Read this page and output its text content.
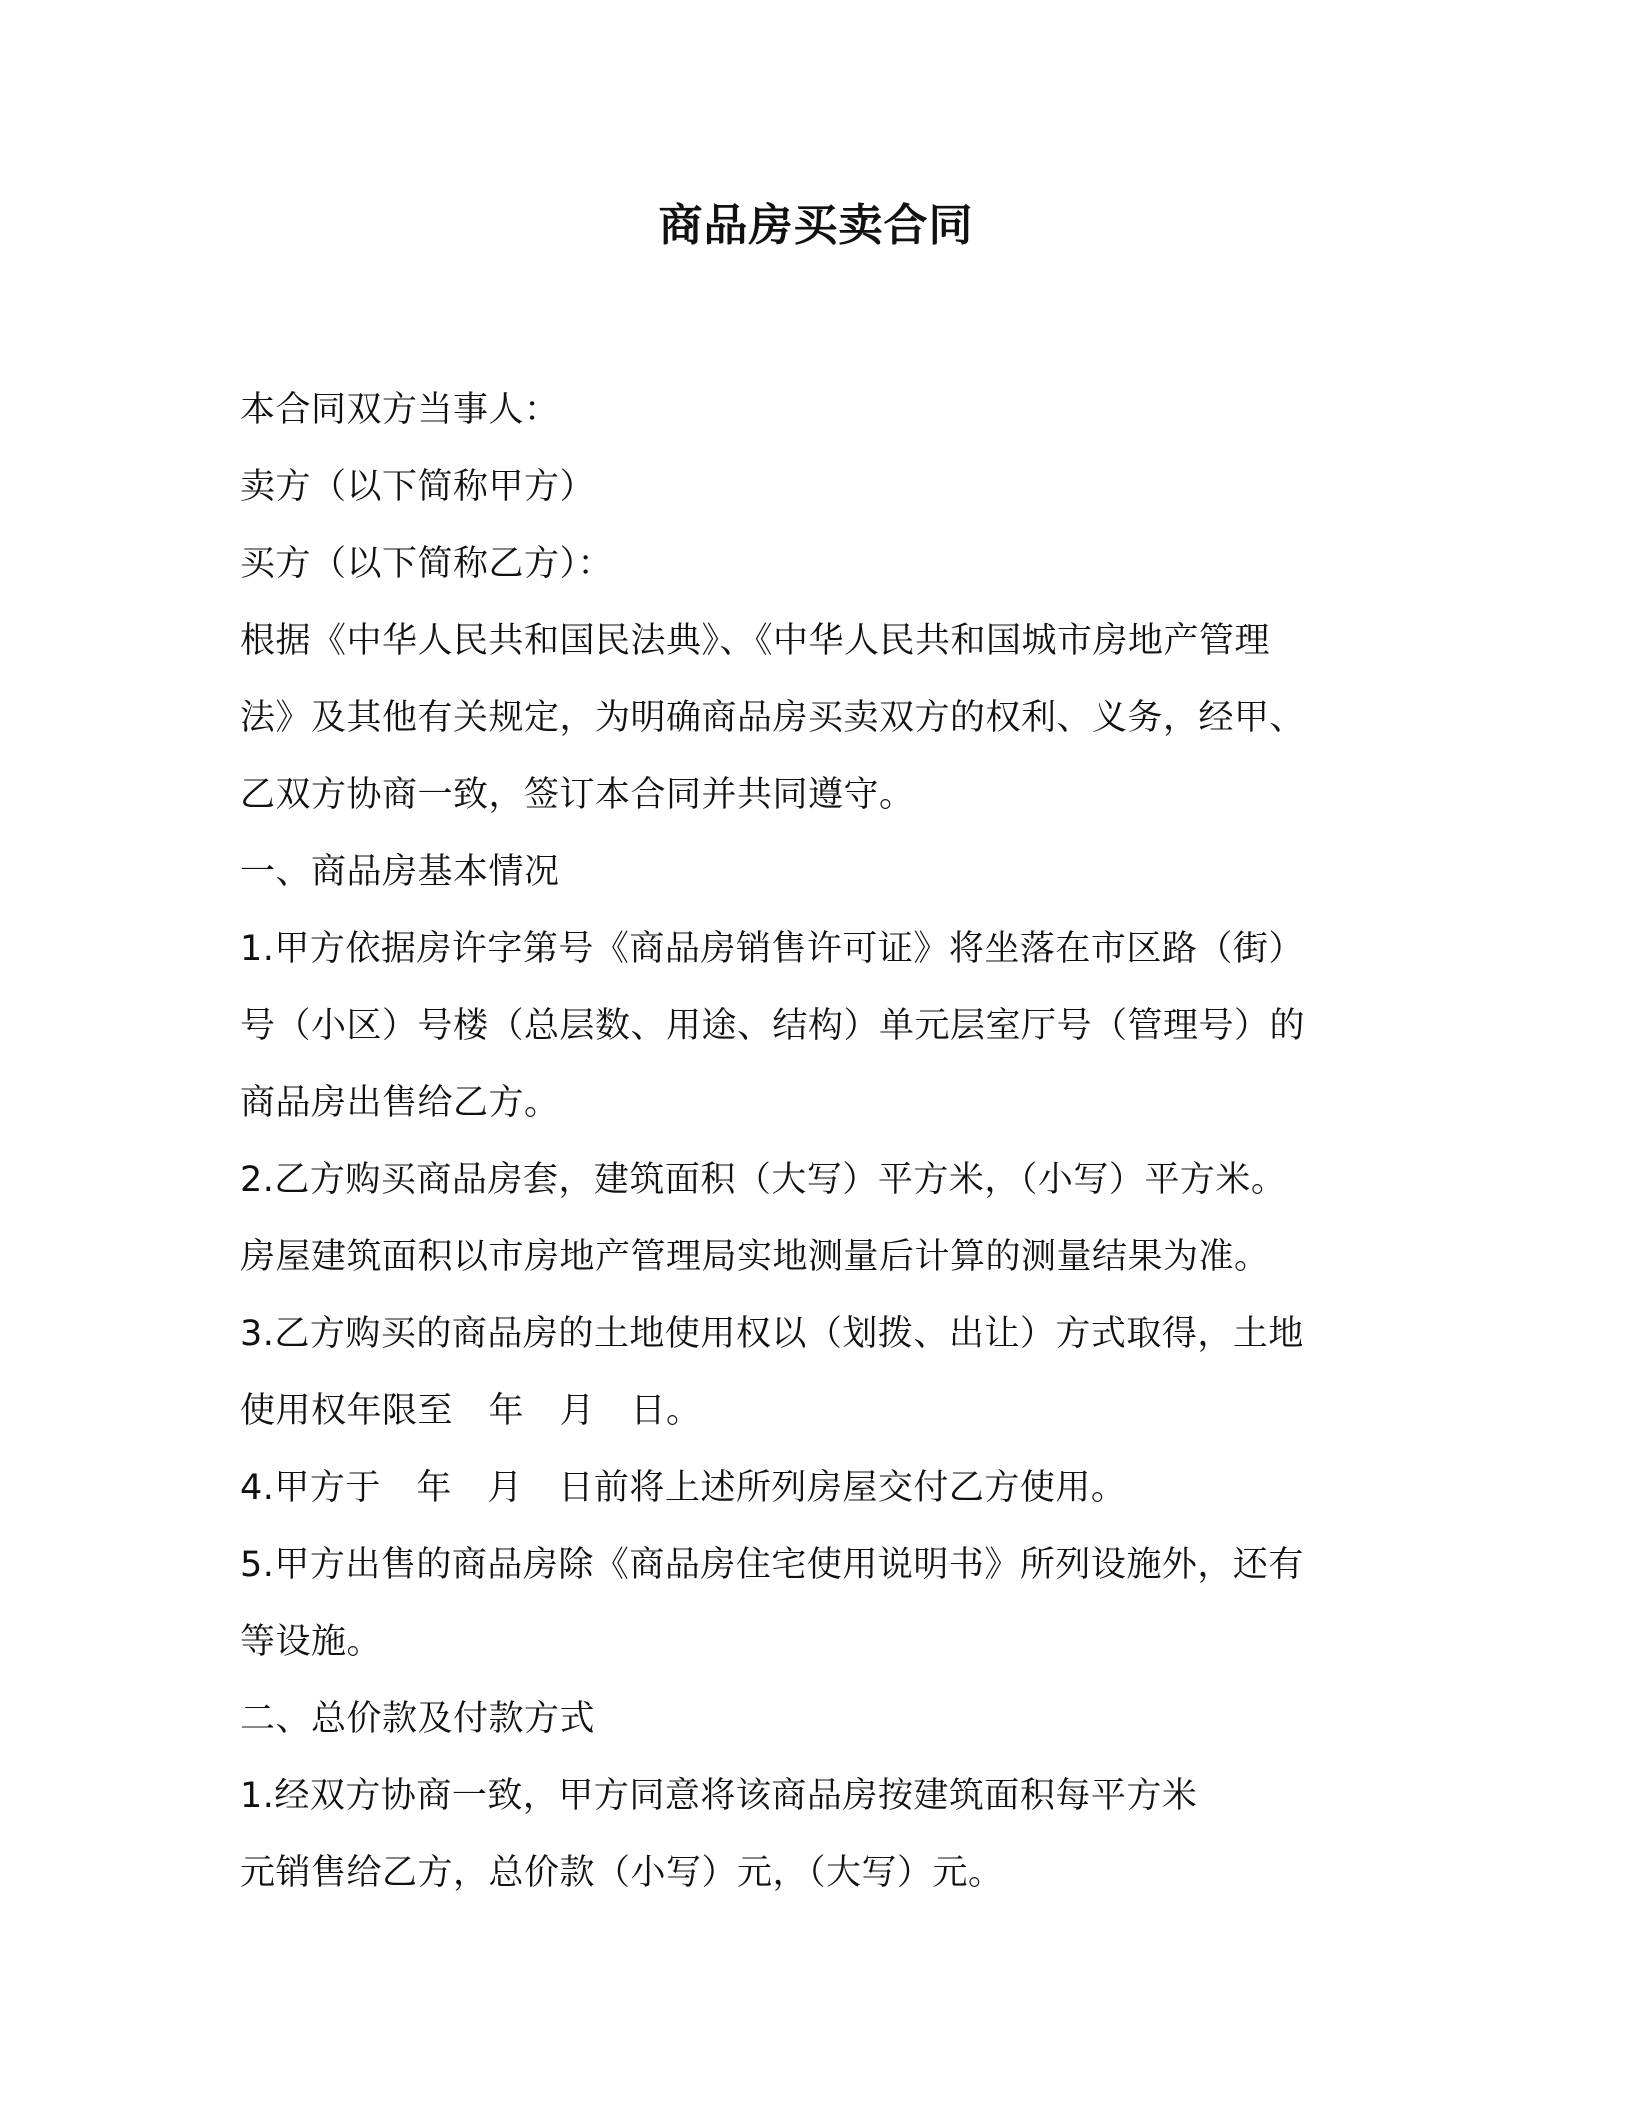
商品房买卖合同
本合同双方当事人：
卖方（以下简称甲方）
买方（以下简称乙方）：
根据《中华人民共和国民法典》、《中华人民共和国城市房地产管理
法》及其他有关规定，为明确商品房买卖双方的权利、义务，经甲、
乙双方协商一致，签订本合同并共同遵守。
一、商品房基本情况
1.甲方依据房许字第号《商品房销售许可证》将坐落在市区路（街）
号（小区）号楼（总层数、用途、结构）单元层室厅号（管理号）的
商品房出售给乙方。
2.乙方购买商品房套，建筑面积（大写）平方米，（小写）平方米。
房屋建筑面积以市房地产管理局实地测量后计算的测量结果为准。
3.乙方购买的商品房的土地使用权以（划拨、出让）方式取得，土地
使用权年限至　年　月　日。
4.甲方于　年　月　日前将上述所列房屋交付乙方使用。
5.甲方出售的商品房除《商品房住宅使用说明书》所列设施外，还有
等设施。
二、总价款及付款方式
1.经双方协商一致，甲方同意将该商品房按建筑面积每平方米
元销售给乙方，总价款（小写）元，（大写）元。
